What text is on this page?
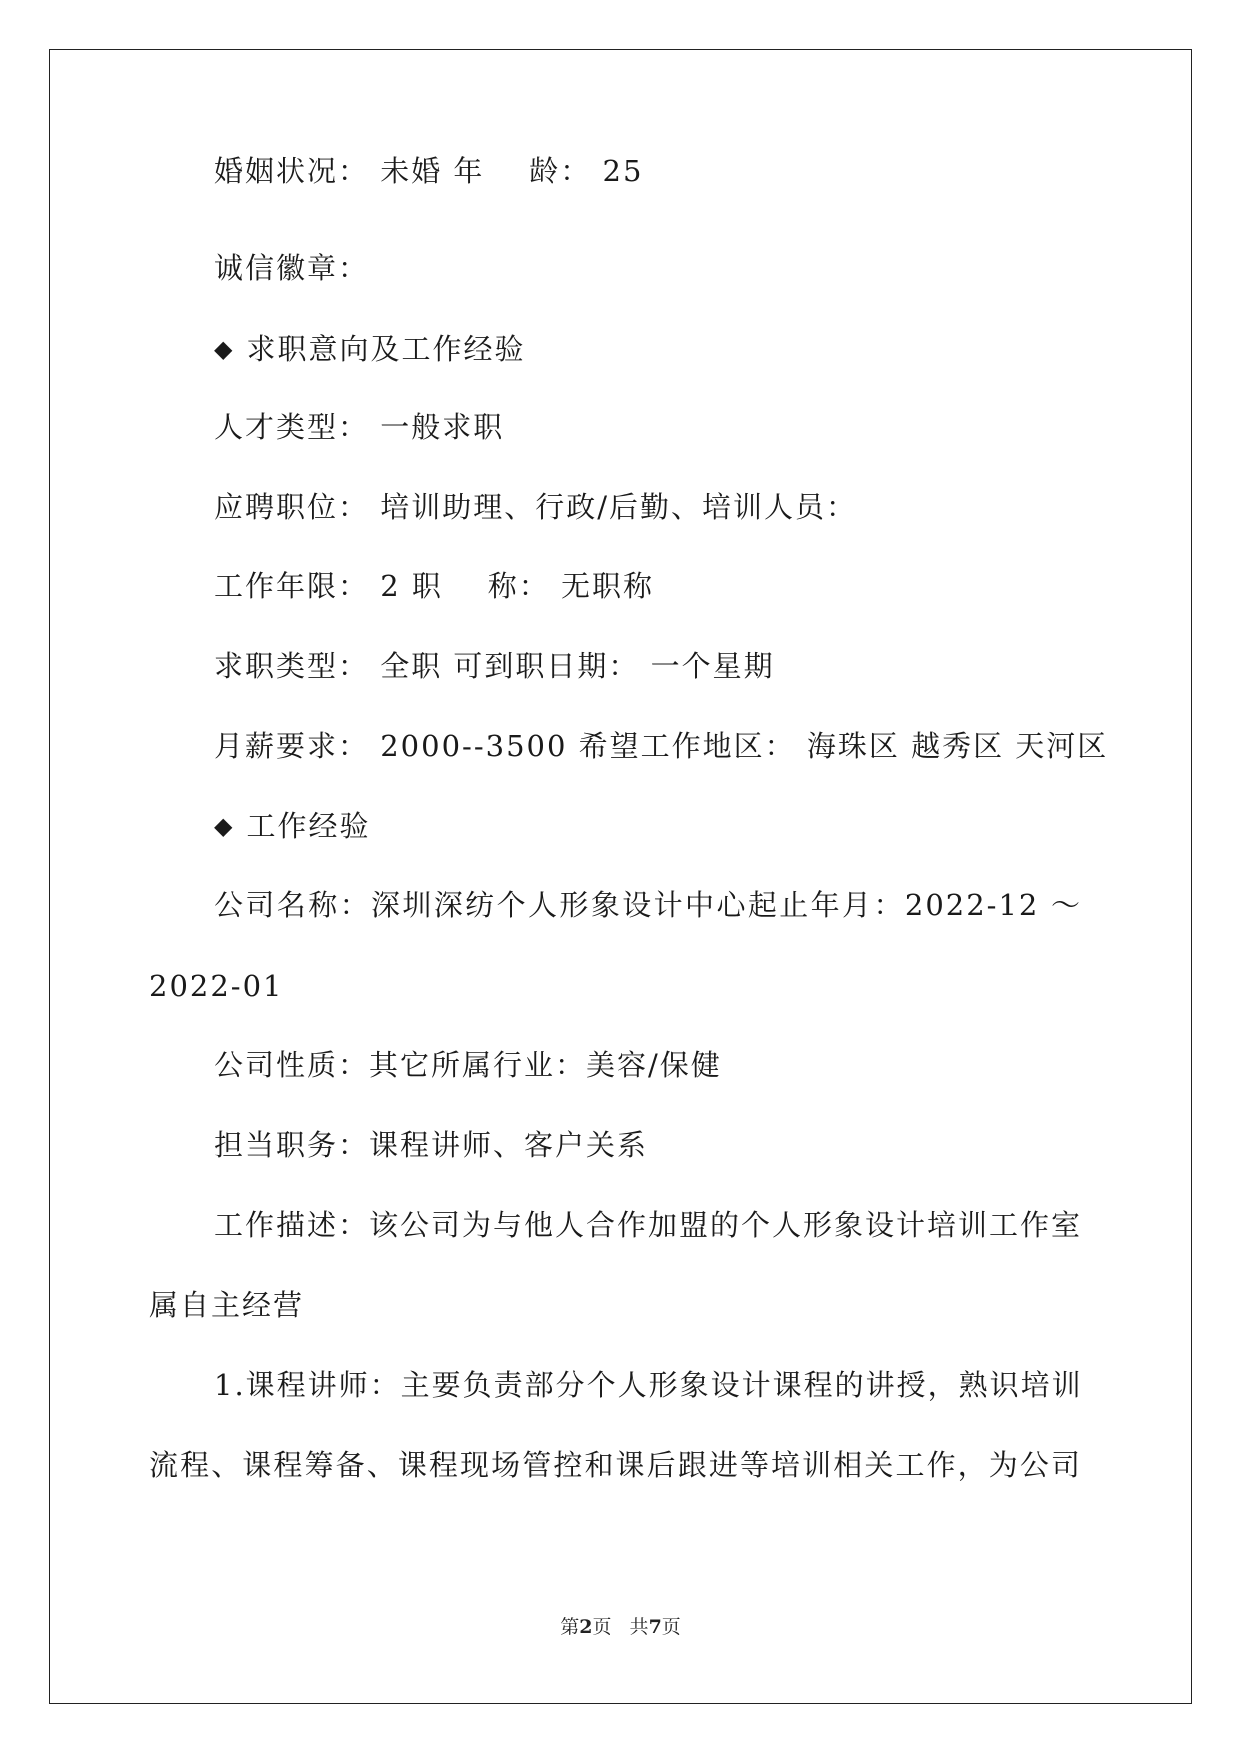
婚姻状况： 未婚 年    龄： 25
诚信徽章：
◆ 求职意向及工作经验
人才类型： 一般求职
应聘职位： 培训助理、行政/后勤、培训人员：
工作年限： 2 职    称： 无职称
求职类型： 全职 可到职日期： 一个星期
月薪要求： 2000--3500 希望工作地区： 海珠区 越秀区 天河区
◆ 工作经验
公司名称：深圳深纺个人形象设计中心起止年月：2022-12 ～
2022-01
公司性质：其它所属行业：美容/保健
担当职务：课程讲师、客户关系
工作描述：该公司为与他人合作加盟的个人形象设计培训工作室
属自主经营
1.课程讲师：主要负责部分个人形象设计课程的讲授，熟识培训
流程、课程筹备、课程现场管控和课后跟进等培训相关工作，为公司
第2页   共7页
